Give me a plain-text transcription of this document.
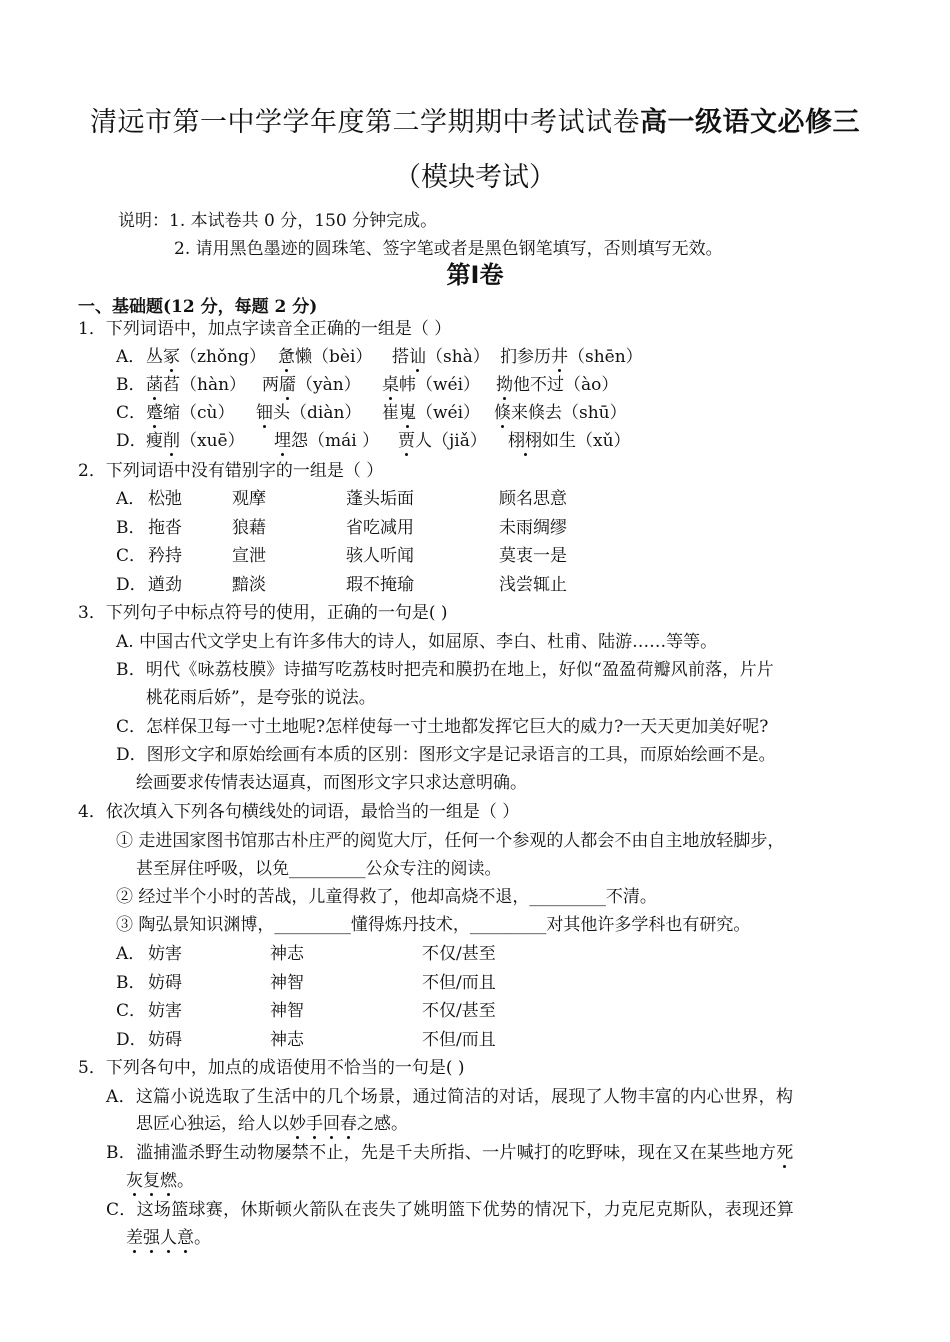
清远市第一中学学年度第二学期期中考试试卷高一级语文必修三
（模块考试）
说明：1. 本试卷共 0 分，150 分钟完成。
2. 请用黑色墨迹的圆珠笔、签字笔或者是黑色钢笔填写，否则填写无效。
第Ⅰ卷
一、基础题(12 分，每题 2 分)
1．下列词语中，加点字读音全正确的一组是（ ）
A． 丛冢（zhǒng） 惫懒（bèi） 搭讪（shà） 扪参历井（shēn）
B． 菡萏（hàn） 两靥（yàn） 桌帏（wéi） 拗他不过（ào）
C． 蹙缩（cù） 钿头（diàn） 崔嵬（wéi） 倏来倏去（shū）
D． 瘦削（xuē） 埋怨（mái ） 贾人（jiǎ） 栩栩如生（xǔ）
2．下列词语中没有错别字的一组是（ ）
A． 松弛	观摩	蓬头垢面	顾名思意
B． 拖沓	狼藉	省吃减用	未雨绸缪
C． 矜持	宣泄	骇人听闻	莫衷一是
D． 遒劲	黯淡	瑕不掩瑜	浅尝辄止
3．下列句子中标点符号的使用，正确的一句是( )
A. 中国古代文学史上有许多伟大的诗人，如屈原、李白、杜甫、陆游……等等。
B．明代《咏荔枝膜》诗描写吃荔枝时把壳和膜扔在地上，好似“盈盈荷瓣风前落，片片
桃花雨后娇”，是夸张的说法。
C．怎样保卫每一寸土地呢?怎样使每一寸土地都发挥它巨大的威力?一天天更加美好呢?
D．图形文字和原始绘画有本质的区别：图形文字是记录语言的工具，而原始绘画不是。
绘画要求传情表达逼真，而图形文字只求达意明确。
4．依次填入下列各句横线处的词语，最恰当的一组是（ ）
① 走进国家图书馆那古朴庄严的阅览大厅，任何一个参观的人都会不由自主地放轻脚步，
甚至屏住呼吸，以免_________公众专注的阅读。
② 经过半个小时的苦战，儿童得救了，他却高烧不退，_________不清。
③ 陶弘景知识渊博，_________懂得炼丹技术，_________对其他许多学科也有研究。
A． 妨害	神志	不仅/甚至
B． 妨碍	神智	不但/而且
C． 妨害	神智	不仅/甚至
D． 妨碍	神志	不但/而且
5．下列各句中，加点的成语使用不恰当的一句是( )
A．这篇小说选取了生活中的几个场景，通过简洁的对话，展现了人物丰富的内心世界，构
思匠心独运，给人以妙手回春之感。
B．滥捕滥杀野生动物屡禁不止，先是千夫所指、一片喊打的吃野味，现在又在某些地方死
灰复燃。
C．这场篮球赛，休斯顿火箭队在丧失了姚明篮下优势的情况下，力克尼克斯队，表现还算
差强人意。
